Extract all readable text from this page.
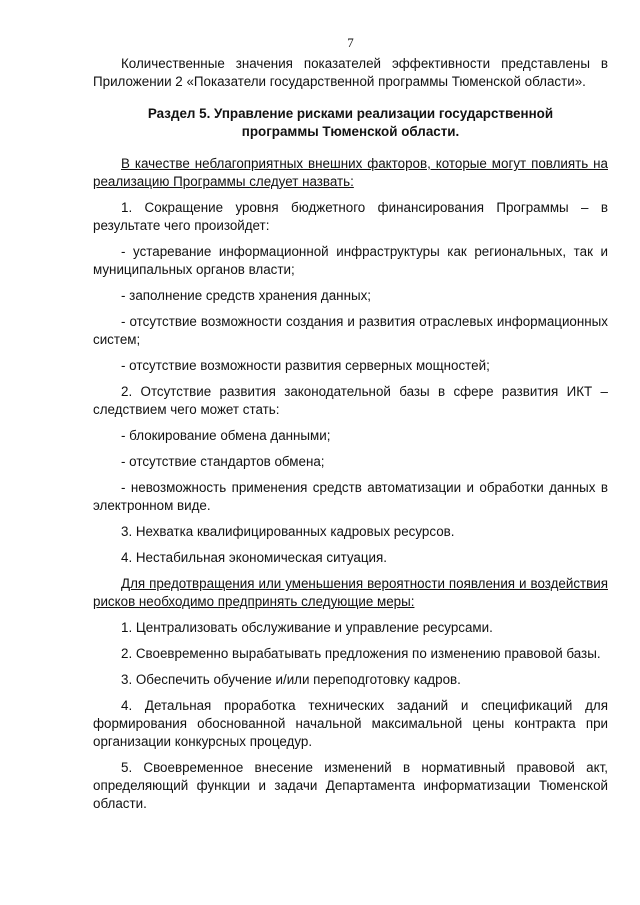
7

Количественные значения показателей эффективности представлены в Приложении 2 «Показатели государственной программы Тюменской области».

Раздел 5. Управление рисками реализации государственной
программы Тюменской области.

В качестве неблагоприятных внешних факторов, которые могут повлиять на реализацию Программы следует назвать:

1. Сокращение уровня бюджетного финансирования Программы – в результате чего произойдет:

- устаревание информационной инфраструктуры как региональных, так и муниципальных органов власти;

- заполнение средств хранения данных;

- отсутствие возможности создания и развития отраслевых информационных систем;

- отсутствие возможности развития серверных мощностей;

2. Отсутствие развития законодательной базы в сфере развития ИКТ – следствием чего может стать:

- блокирование обмена данными;

- отсутствие стандартов обмена;

- невозможность применения средств автоматизации и обработки данных в электронном виде.

3. Нехватка квалифицированных кадровых ресурсов.

4. Нестабильная экономическая ситуация.

Для предотвращения или уменьшения вероятности появления и воздействия рисков необходимо предпринять следующие меры:

1. Централизовать обслуживание и управление ресурсами.

2. Своевременно вырабатывать предложения по изменению правовой базы.

3. Обеспечить обучение и/или переподготовку кадров.

4. Детальная проработка технических заданий и спецификаций для формирования обоснованной начальной максимальной цены контракта при организации конкурсных процедур.

5. Своевременное внесение изменений в нормативный правовой акт, определяющий функции и задачи Департамента информатизации Тюменской области.
